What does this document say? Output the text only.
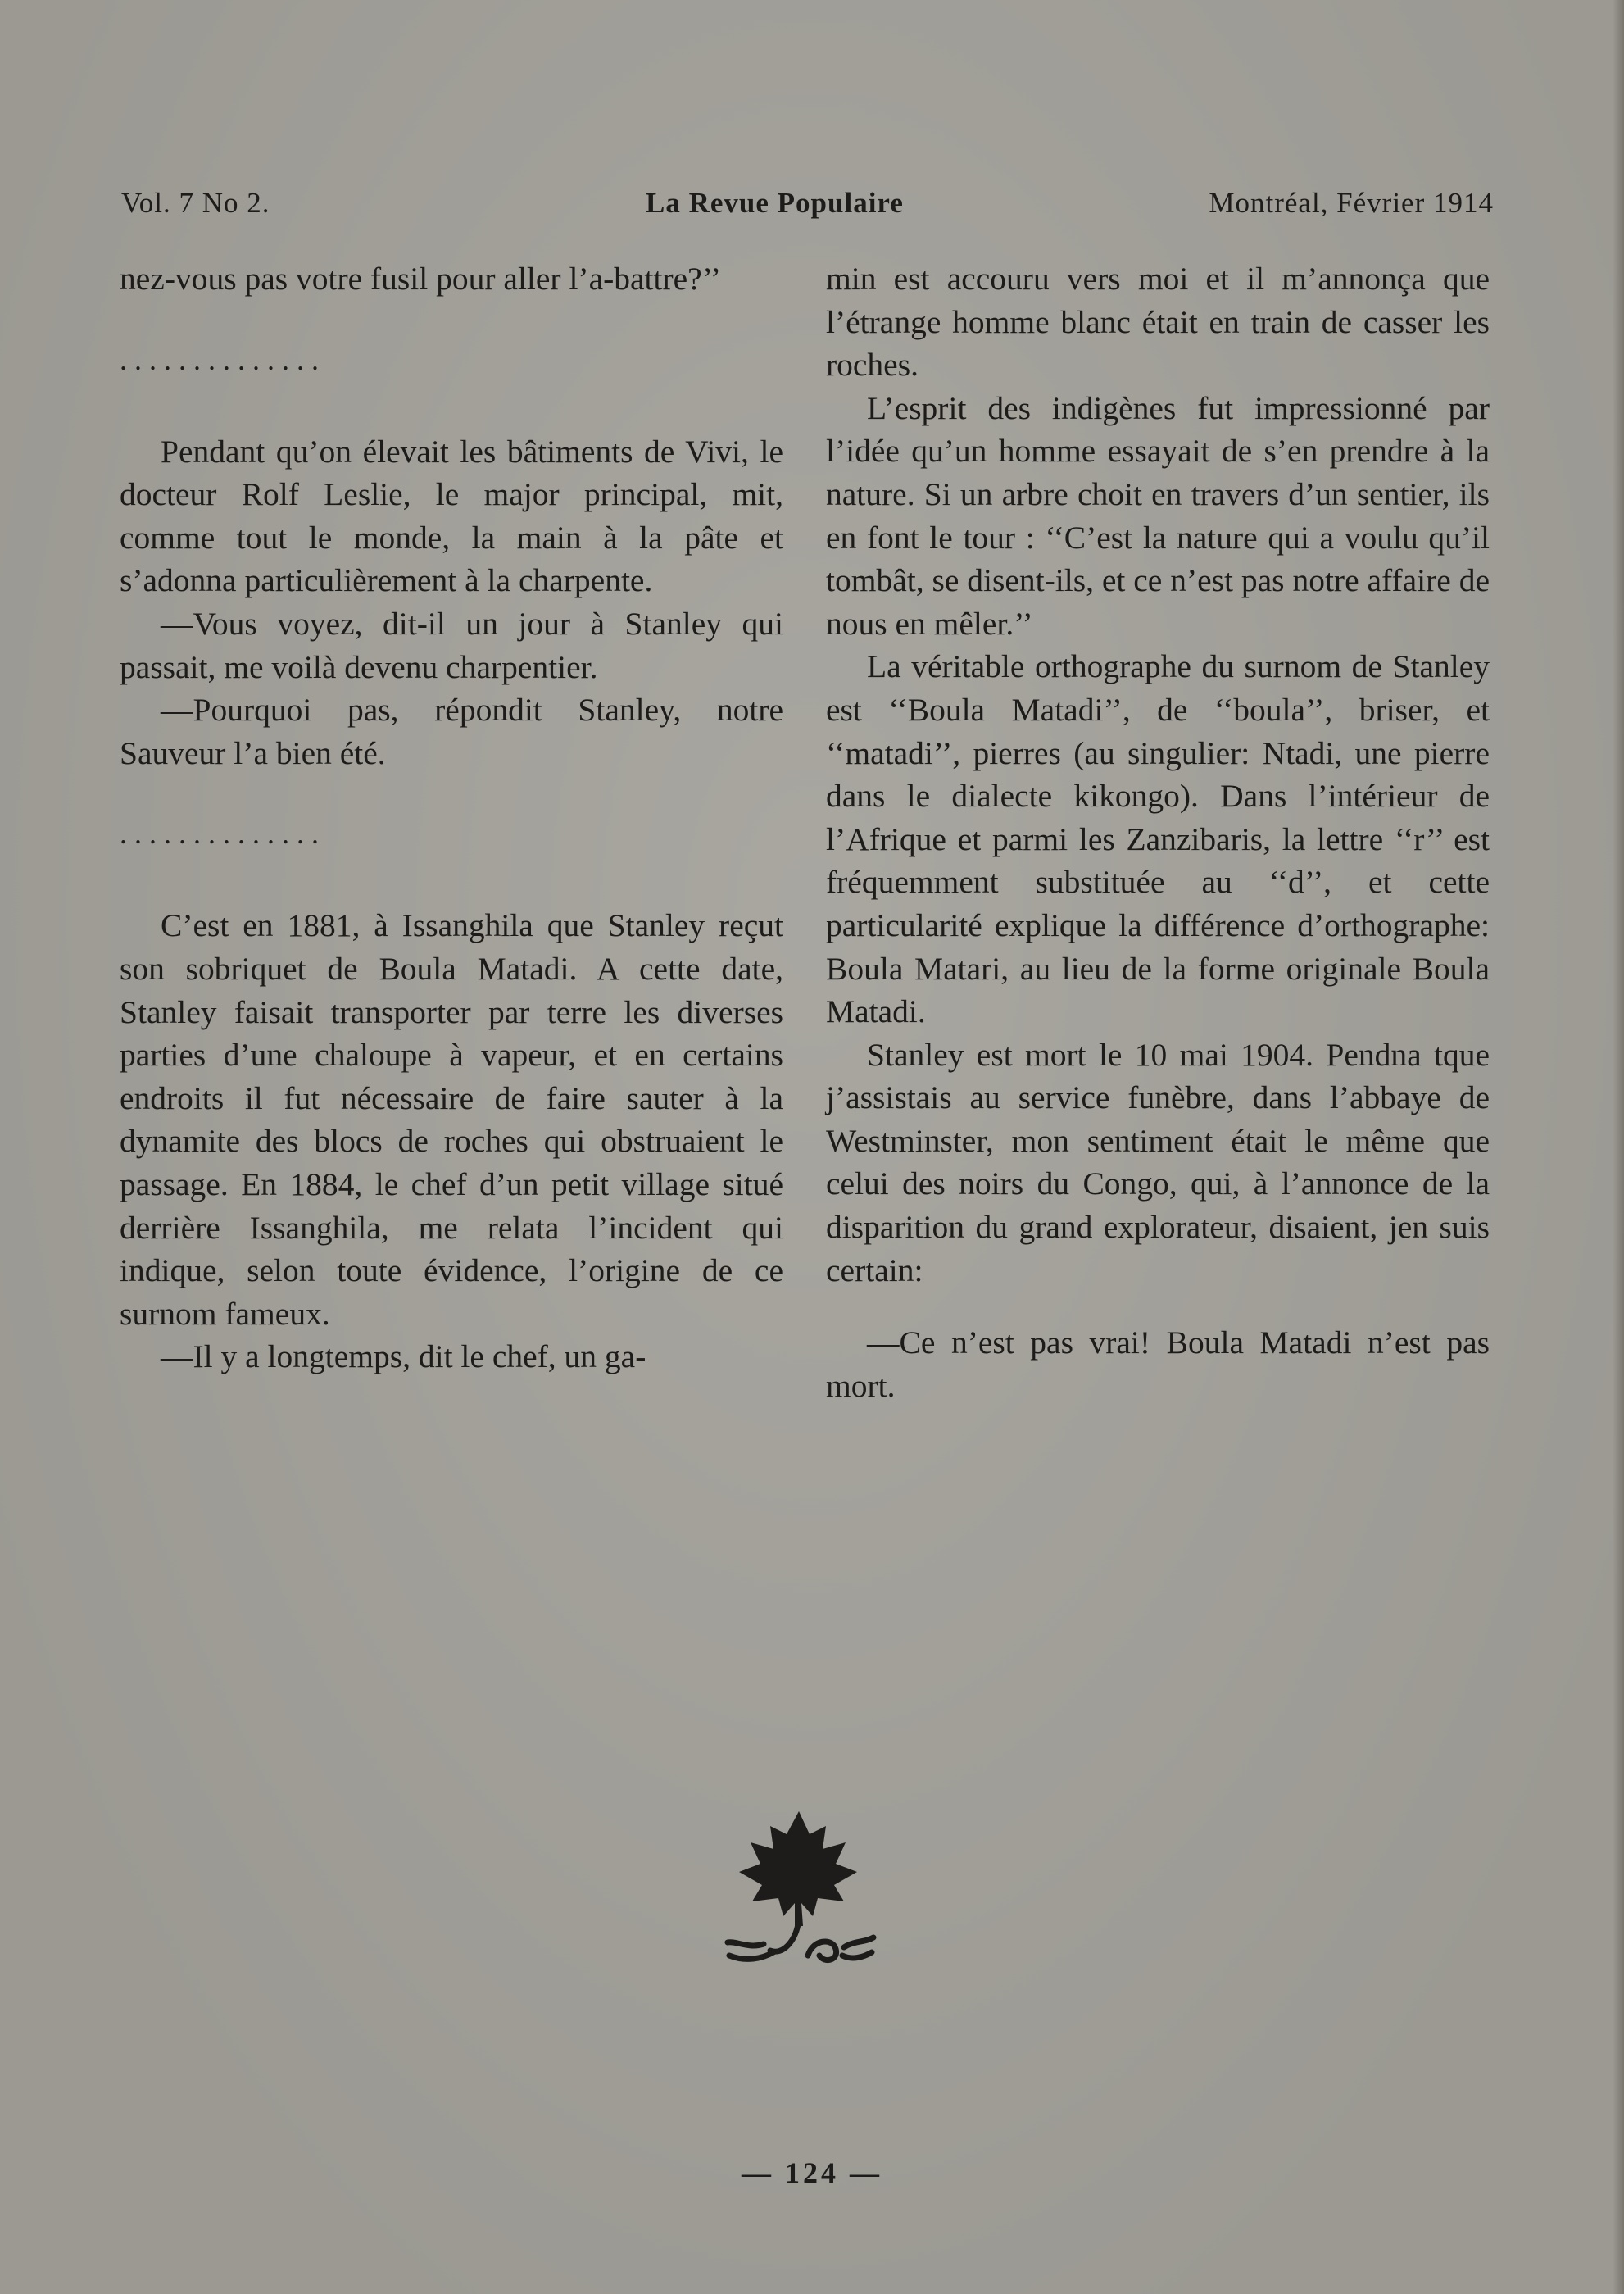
Vol. 7 No 2.	La Revue Populaire	Montréal, Février 1914

nez-vous pas votre fusil pour aller l’a-battre?’’

. . . . . . . . . . . . . .

Pendant qu’on élevait les bâtiments de Vivi, le docteur Rolf Leslie, le major principal, mit, comme tout le monde, la main à la pâte et s’adonna particulièrement à la charpente.

—Vous voyez, dit-il un jour à Stanley qui passait, me voilà devenu charpentier.

—Pourquoi pas, répondit Stanley, notre Sauveur l’a bien été.

. . . . . . . . . . . . . .

C’est en 1881, à Issanghila que Stanley reçut son sobriquet de Boula Matadi. A cette date, Stanley faisait transporter par terre les diverses parties d’une chaloupe à vapeur, et en certains endroits il fut nécessaire de faire sauter à la dynamite des blocs de roches qui obstruaient le passage. En 1884, le chef d’un petit village situé derrière Issanghila, me relata l’incident qui indique, selon toute évidence, l’origine de ce surnom fameux.

—Il y a longtemps, dit le chef, un ga-

min est accouru vers moi et il m’annonça que l’étrange homme blanc était en train de casser les roches.

L’esprit des indigènes fut impressionné par l’idée qu’un homme essayait de s’en prendre à la nature. Si un arbre choit en travers d’un sentier, ils en font le tour : ‘‘C’est la nature qui a voulu qu’il tombât, se disent-ils, et ce n’est pas notre affaire de nous en mêler.’’

La véritable orthographe du surnom de Stanley est ‘‘Boula Matadi’’, de ‘‘boula’’, briser, et ‘‘matadi’’, pierres (au singulier: Ntadi, une pierre dans le dialecte kikongo). Dans l’intérieur de l’Afrique et parmi les Zanzibaris, la lettre ‘‘r’’ est fréquemment substituée au ‘‘d’’, et cette particularité explique la différence d’orthographe: Boula Matari, au lieu de la forme originale Boula Matadi.

Stanley est mort le 10 mai 1904. Pendna tque j’assistais au service funèbre, dans l’abbaye de Westminster, mon sentiment était le même que celui des noirs du Congo, qui, à l’annonce de la disparition du grand explorateur, disaient, jen suis certain:

—Ce n’est pas vrai! Boula Matadi n’est pas mort.

— 124 —
